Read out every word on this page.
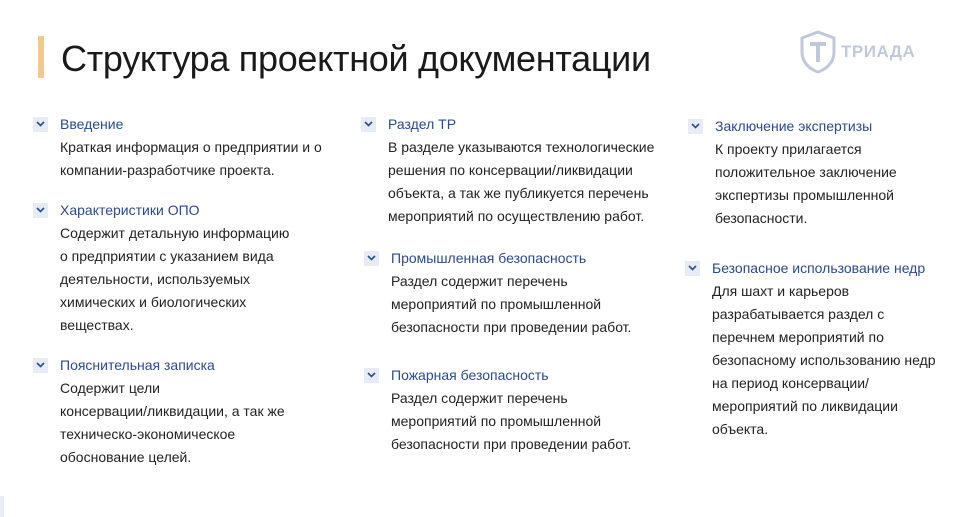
Структура проектной документации	ТРИАДА
Введение
Краткая информация о предприятии и о
компании-разработчике проекта.
Характеристики ОПО
Содержит детальную информацию
о предприятии с указанием вида
деятельности, используемых
химических и биологических
веществах.
Пояснительная записка
Содержит цели
консервации/ликвидации, а так же
техническо-экономическое
обоснование целей.
Раздел ТР
В разделе указываются технологические
решения по консервации/ликвидации
объекта, а так же публикуется перечень
мероприятий по осуществлению работ.
Промышленная безопасность
Раздел содержит перечень
мероприятий по промышленной
безопасности при проведении работ.
Пожарная безопасность
Раздел содержит перечень
мероприятий по промышленной
безопасности при проведении работ.
Заключение экспертизы
К проекту прилагается
положительное заключение
экспертизы промышленной
безопасности.
Безопасное использование недр
Для шахт и карьеров
разрабатывается раздел с
перечнем мероприятий по
безопасному использованию недр
на период консервации/
мероприятий по ликвидации
объекта.
